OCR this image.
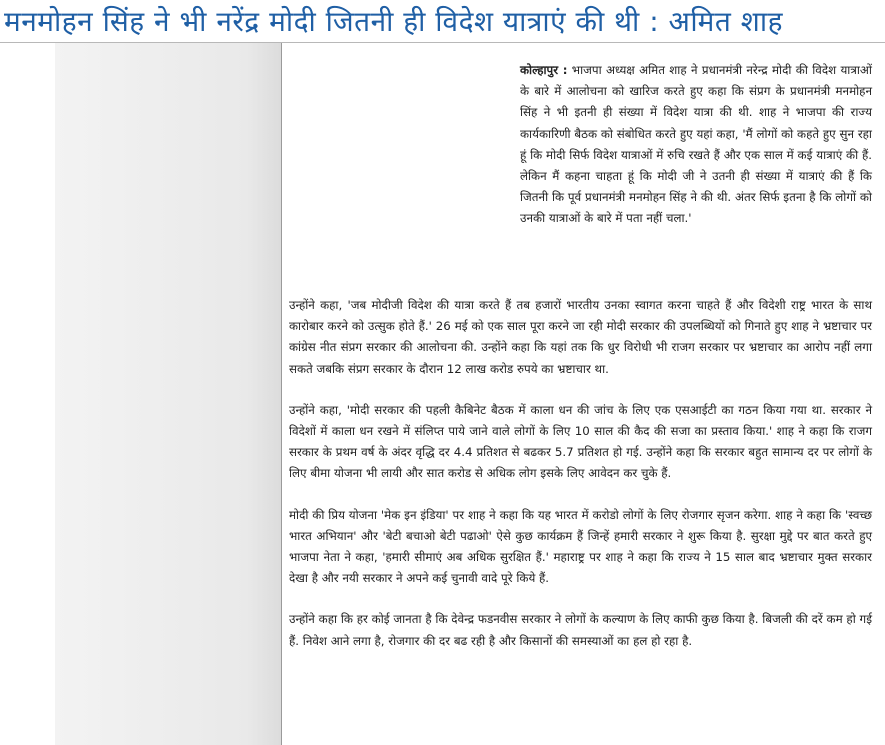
मनमोहन सिंह ने भी नरेंद्र मोदी जितनी ही विदेश यात्राएं की थी : अमित शाह

कोल्हापुर : भाजपा अध्यक्ष अमित शाह ने प्रधानमंत्री नरेन्द्र मोदी की विदेश यात्राओं के बारे में आलोचना को खारिज करते हुए कहा कि संप्रग के प्रधानमंत्री मनमोहन सिंह ने भी इतनी ही संख्या में विदेश यात्रा की थी. शाह ने भाजपा की राज्य कार्यकारिणी बैठक को संबोधित करते हुए यहां कहा, 'मैं लोगों को कहते हुए सुन रहा हूं कि मोदी सिर्फ विदेश यात्राओं में रुचि रखते हैं और एक साल में कई यात्राएं की हैं. लेकिन मैं कहना चाहता हूं कि मोदी जी ने उतनी ही संख्या में यात्राएं की हैं कि जितनी कि पूर्व प्रधानमंत्री मनमोहन सिंह ने की थी. अंतर सिर्फ इतना है कि लोगों को उनकी यात्राओं के बारे में पता नहीं चला.'

उन्होंने कहा, 'जब मोदीजी विदेश की यात्रा करते हैं तब हजारों भारतीय उनका स्वागत करना चाहते हैं और विदेशी राष्ट्र भारत के साथ कारोबार करने को उत्सुक होते हैं.' 26 मई को एक साल पूरा करने जा रही मोदी सरकार की उपलब्धियों को गिनाते हुए शाह ने भ्रष्टाचार पर कांग्रेस नीत संप्रग सरकार की आलोचना की. उन्होंने कहा कि यहां तक कि धुर विरोधी भी राजग सरकार पर भ्रष्टाचार का आरोप नहीं लगा सकते जबकि संप्रग सरकार के दौरान 12 लाख करोड रुपये का भ्रष्टाचार था.

उन्होंने कहा, 'मोदी सरकार की पहली कैबिनेट बैठक में काला धन की जांच के लिए एक एसआईटी का गठन किया गया था. सरकार ने विदेशों में काला धन रखने में संलिप्त पाये जाने वाले लोगों के लिए 10 साल की कैद की सजा का प्रस्ताव किया.' शाह ने कहा कि राजग सरकार के प्रथम वर्ष के अंदर वृद्धि दर 4.4 प्रतिशत से बढकर 5.7 प्रतिशत हो गई. उन्होंने कहा कि सरकार बहुत सामान्य दर पर लोगों के लिए बीमा योजना भी लायी और सात करोड से अधिक लोग इसके लिए आवेदन कर चुके हैं.

मोदी की प्रिय योजना 'मेक इन इंडिया' पर शाह ने कहा कि यह भारत में करोडो लोगों के लिए रोजगार सृजन करेगा. शाह ने कहा कि 'स्वच्छ भारत अभियान' और 'बेटी बचाओ बेटी पढाओ' ऐसे कुछ कार्यक्रम हैं जिन्हें हमारी सरकार ने शुरू किया है. सुरक्षा मुद्दे पर बात करते हुए भाजपा नेता ने कहा, 'हमारी सीमाएं अब अधिक सुरक्षित हैं.' महाराष्ट्र पर शाह ने कहा कि राज्य ने 15 साल बाद भ्रष्टाचार मुक्त सरकार देखा है और नयी सरकार ने अपने कई चुनावी वादे पूरे किये हैं.

उन्होंने कहा कि हर कोई जानता है कि देवेन्द्र फडनवीस सरकार ने लोगों के कल्याण के लिए काफी कुछ किया है. बिजली की दरें कम हो गई हैं. निवेश आने लगा है, रोजगार की दर बढ रही है और किसानों की समस्याओं का हल हो रहा है.
